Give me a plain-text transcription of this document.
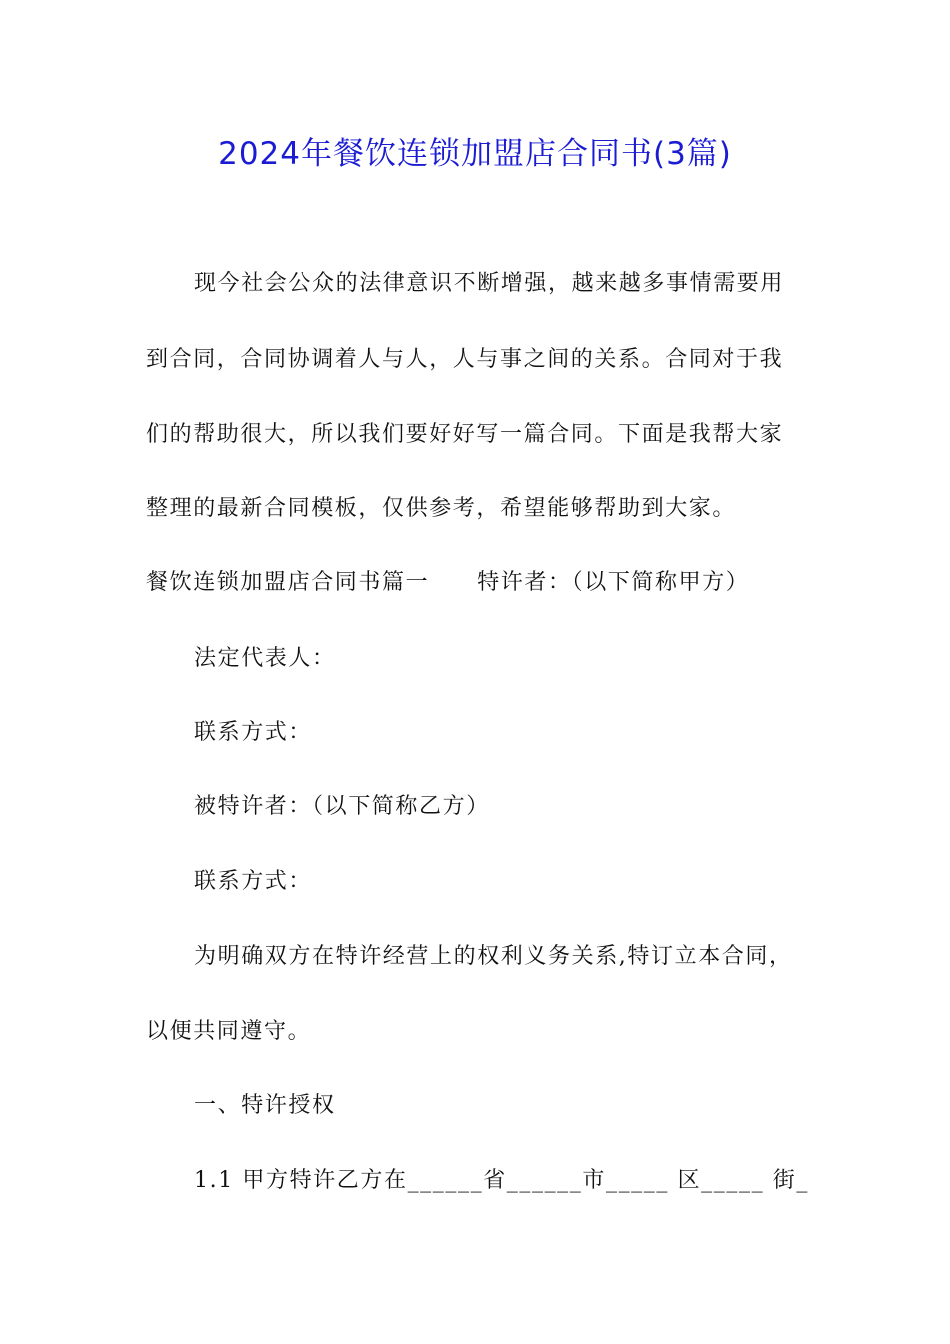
2024年餐饮连锁加盟店合同书(3篇)
现今社会公众的法律意识不断增强，越来越多事情需要用
到合同，合同协调着人与人，人与事之间的关系。合同对于我
们的帮助很大，所以我们要好好写一篇合同。下面是我帮大家
整理的最新合同模板，仅供参考，希望能够帮助到大家。
餐饮连锁加盟店合同书篇一 特许者：（以下简称甲方）
法定代表人：
联系方式：
被特许者：（以下简称乙方）
联系方式：
为明确双方在特许经营上的权利义务关系,特订立本合同，
以便共同遵守。
一、特许授权
1.1 甲方特许乙方在______省______市_____ 区_____ 街_
